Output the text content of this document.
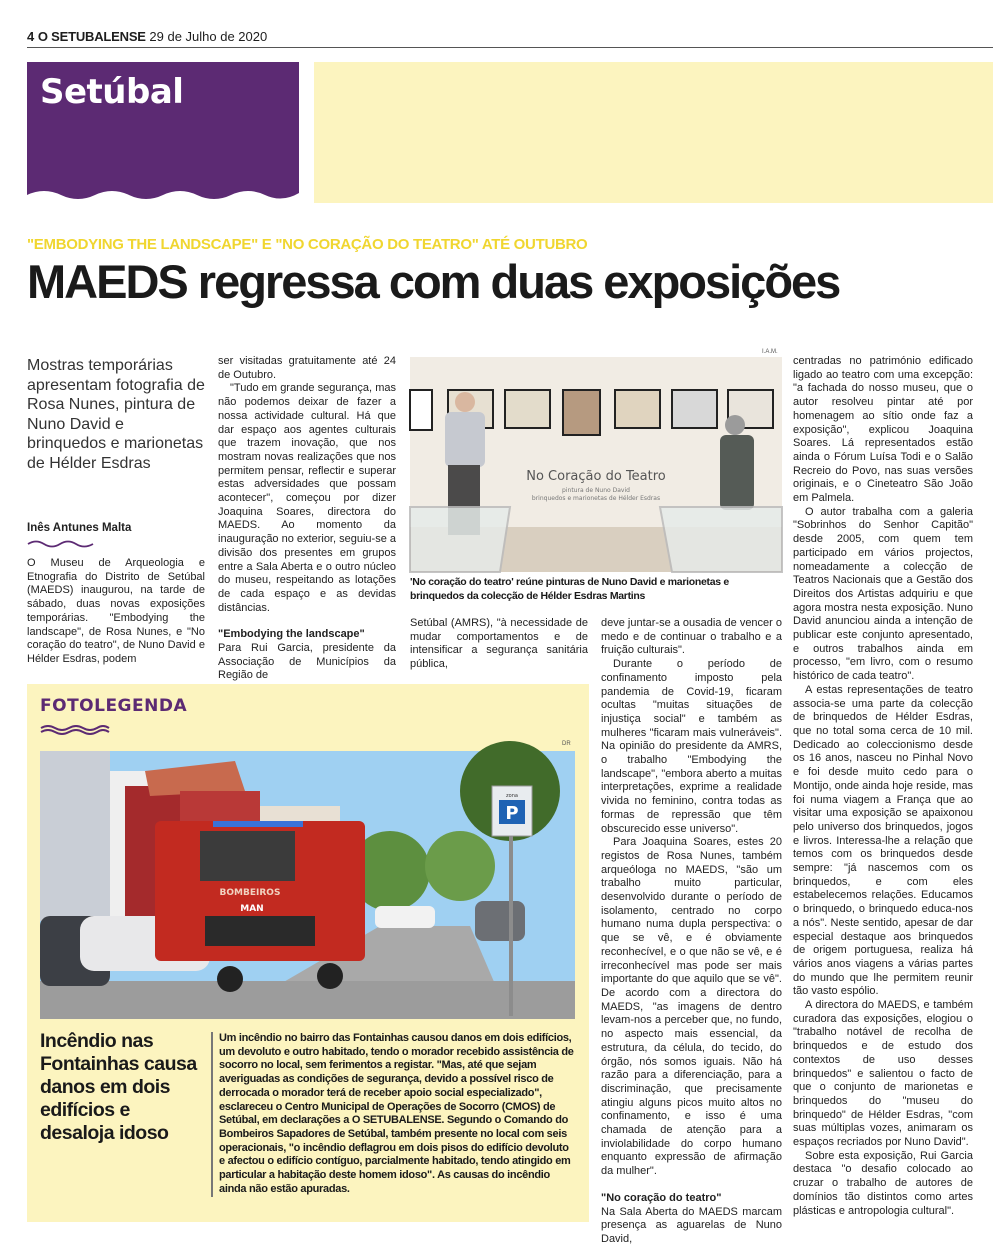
4 O SETUBALENSE 29 de Julho de 2020
Setúbal
"EMBODYING THE LANDSCAPE" E "NO CORAÇÃO DO TEATRO" ATÉ OUTUBRO
MAEDS regressa com duas exposições
Mostras temporárias apresentam fotografia de Rosa Nunes, pintura de Nuno David e brinquedos e marionetas de Hélder Esdras
Inês Antunes Malta

O Museu de Arqueologia e Etnografia do Distrito de Setúbal (MAEDS) inaugurou, na tarde de sábado, duas novas exposições temporárias. "Embodying the landscape", de Rosa Nunes, e "No coração do teatro", de Nuno David e Hélder Esdras, podem

ser visitadas gratuitamente até 24 de Outubro.

"Tudo em grande segurança, mas não podemos deixar de fazer a nossa actividade cultural. Há que dar espaço aos agentes culturais que trazem inovação, que nos mostram novas realizações que nos permitem pensar, reflectir e superar estas adversidades que possam acontecer", começou por dizer Joaquina Soares, directora do MAEDS. Ao momento da inauguração no exterior, seguiu-se a divisão dos presentes em grupos entre a Sala Aberta e o outro núcleo do museu, respeitando as lotações de cada espaço e as devidas distâncias.

"Embodying the landscape"

Para Rui Garcia, presidente da Associação de Municípios da Região de

I.A.M.
No Coração do Teatro
pintura de Nuno David
brinquedos e marionetas de Hélder Esdras
'No coração do teatro' reúne pinturas de Nuno David e marionetas e brinquedos da colecção de Hélder Esdras Martins

Setúbal (AMRS), "à necessidade de mudar comportamentos e de intensificar a segurança sanitária pública,

deve juntar-se a ousadia de vencer o medo e de continuar o trabalho e a fruição culturais".

Durante o período de confinamento imposto pela pandemia de Covid-19, ficaram ocultas "muitas situações de injustiça social" e também as mulheres "ficaram mais vulneráveis". Na opinião do presidente da AMRS, o trabalho "Embodying the landscape", "embora aberto a muitas interpretações, exprime a realidade vivida no feminino, contra todas as formas de repressão que têm obscurecido esse universo".

Para Joaquina Soares, estes 20 registos de Rosa Nunes, também arqueóloga no MAEDS, "são um trabalho muito particular, desenvolvido durante o período de isolamento, centrado no corpo humano numa dupla perspectiva: o que se vê, e é obviamente reconhecível, e o que não se vê, e é irreconhecível mas pode ser mais importante do que aquilo que se vê". De acordo com a directora do MAEDS, "as imagens de dentro levam-nos a perceber que, no fundo, no aspecto mais essencial, da estrutura, da célula, do tecido, do órgão, nós somos iguais. Não há razão para a diferenciação, para a discriminação, que precisamente atingiu alguns picos muito altos no confinamento, e isso é uma chamada de atenção para a inviolabilidade do corpo humano enquanto expressão de afirmação da mulher".

"No coração do teatro"

Na Sala Aberta do MAEDS marcam presença as aguarelas de Nuno David,

centradas no património edificado ligado ao teatro com uma excepção: "a fachada do nosso museu, que o autor resolveu pintar até por homenagem ao sítio onde faz a exposição", explicou Joaquina Soares. Lá representados estão ainda o Fórum Luísa Todi e o Salão Recreio do Povo, nas suas versões originais, e o Cineteatro São João em Palmela.

O autor trabalha com a galeria "Sobrinhos do Senhor Capitão" desde 2005, com quem tem participado em vários projectos, nomeadamente a colecção de Teatros Nacionais que a Gestão dos Direitos dos Artistas adquiriu e que agora mostra nesta exposição. Nuno David anunciou ainda a intenção de publicar este conjunto apresentado, e outros trabalhos ainda em processo, "em livro, com o resumo histórico de cada teatro".

A estas representações de teatro associa-se uma parte da colecção de brinquedos de Hélder Esdras, que no total soma cerca de 10 mil. Dedicado ao coleccionismo desde os 16 anos, nasceu no Pinhal Novo e foi desde muito cedo para o Montijo, onde ainda hoje reside, mas foi numa viagem a França que ao visitar uma exposição se apaixonou pelo universo dos brinquedos, jogos e livros. Interessa-lhe a relação que temos com os brinquedos desde sempre: "já nascemos com os brinquedos, e com eles estabelecemos relações. Educamos o brinquedo, o brinquedo educa-nos a nós". Neste sentido, apesar de dar especial destaque aos brinquedos de origem portuguesa, realiza há vários anos viagens a várias partes do mundo que lhe permitem reunir tão vasto espólio.

A directora do MAEDS, e também curadora das exposições, elogiou o "trabalho notável de recolha de brinquedos e de estudo dos contextos de uso desses brinquedos" e salientou o facto de que o conjunto de marionetas e brinquedos do "museu do brinquedo" de Hélder Esdras, "com suas múltiplas vozes, animaram os espaços recriados por Nuno David".

Sobre esta exposição, Rui Garcia destaca "o desafio colocado ao cruzar o trabalho de autores de domínios tão distintos como artes plásticas e antropologia cultural".

FOTOLEGENDA
DR
BOMBEIROS
MAN
zona
P
Incêndio nas Fontainhas causa danos em dois edifícios e desaloja idoso
Um incêndio no bairro das Fontainhas causou danos em dois edifícios, um devoluto e outro habitado, tendo o morador recebido assistência de socorro no local, sem ferimentos a registar. "Mas, até que sejam averiguadas as condições de segurança, devido a possível risco de derrocada o morador terá de receber apoio social especializado", esclareceu o Centro Municipal de Operações de Socorro (CMOS) de Setúbal, em declarações a O SETUBALENSE. Segundo o Comando do Bombeiros Sapadores de Setúbal, também presente no local com seis operacionais, "o incêndio deflagrou em dois pisos do edifício devoluto e afectou o edifício contíguo, parcialmente habitado, tendo atingido em particular a habitação deste homem idoso". As causas do incêndio ainda não estão apuradas.
